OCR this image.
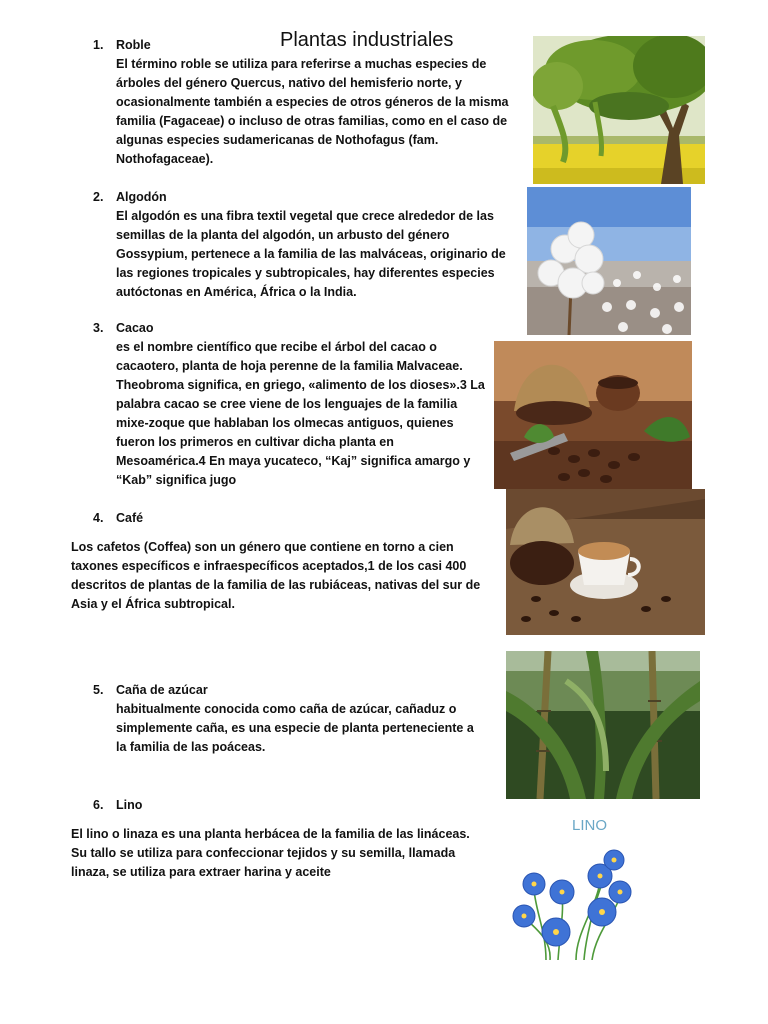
Plantas industriales
1.	Roble

El término roble se utiliza para referirse a muchas especies de árboles del género Quercus, nativo del hemisferio norte, y ocasionalmente también a especies de otros géneros de la misma familia (Fagaceae) o incluso de otras familias, como en el caso de algunas especies sudamericanas de Nothofagus (fam. Nothofagaceae).

2.	Algodón

El algodón es una fibra textil vegetal que crece alrededor de las semillas de la planta del algodón, un arbusto del género Gossypium, pertenece a la familia de las malváceas, originario de las regiones tropicales y subtropicales, hay diferentes especies autóctonas en América, África o la India.

3.	Cacao

es el nombre científico que recibe el árbol del cacao o cacaotero, planta de hoja perenne de la familia Malvaceae. Theobroma significa, en griego, «alimento de los dioses».3 La palabra cacao se cree viene de los lenguajes de la familia mixe-zoque que hablaban los olmecas antiguos, quienes fueron los primeros en cultivar dicha planta en Mesoamérica.4 En maya yucateco, “Kaj” significa amargo y “Kab” significa jugo

4.	Café

Los cafetos (Coffea) son un género que contiene en torno a cien taxones específicos e infraespecíficos aceptados,1 de los casi 400 descritos de plantas de la familia de las rubiáceas, nativas del sur de Asia y el África subtropical.

5.	Caña de azúcar

habitualmente conocida como caña de azúcar, cañaduz o simplemente caña, es una especie de planta perteneciente a la familia de las poáceas.

6.	Lino

El lino o linaza es una planta herbácea de la familia de las lináceas. Su tallo se utiliza para confeccionar tejidos y su semilla, llamada linaza, se utiliza para extraer harina y aceite

LINO
